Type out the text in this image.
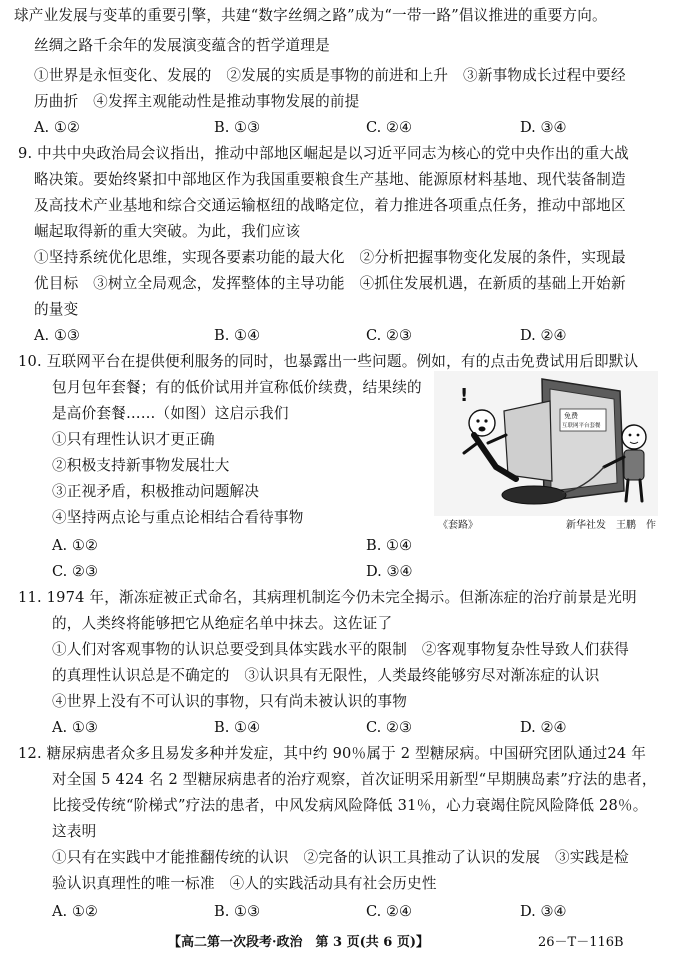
球产业发展与变革的重要引擎，共建“数字丝绸之路”成为“一带一路”倡议推进的重要方向。
丝绸之路千余年的发展演变蕴含的哲学道理是
①世界是永恒变化、发展的　②发展的实质是事物的前进和上升　③新事物成长过程中要经
历曲折　④发挥主观能动性是推动事物发展的前提
A. ①②	B. ①③	C. ②④	D. ③④
9. 中共中央政治局会议指出，推动中部地区崛起是以习近平同志为核心的党中央作出的重大战
略决策。要始终紧扣中部地区作为我国重要粮食生产基地、能源原材料基地、现代装备制造
及高技术产业基地和综合交通运输枢纽的战略定位，着力推进各项重点任务，推动中部地区
崛起取得新的重大突破。为此，我们应该
①坚持系统优化思维，实现各要素功能的最大化　②分析把握事物变化发展的条件，实现最
优目标　③树立全局观念，发挥整体的主导功能　④抓住发展机遇，在新质的基础上开始新
的量变
A. ①③	B. ①④	C. ②③	D. ②④
10. 互联网平台在提供便利服务的同时，也暴露出一些问题。例如，有的点击免费试用后即默认
包月包年套餐；有的低价试用并宣称低价续费，结果续的
是高价套餐……（如图）这启示我们
①只有理性认识才更正确
②积极支持新事物发展壮大
③正视矛盾，积极推动问题解决
④坚持两点论与重点论相结合看待事物
A. ①②	B. ①④
C. ②③	D. ③④
免费
互联网平台套餐
!
《套路》	新华社发　王鹏　作
11. 1974 年，渐冻症被正式命名，其病理机制迄今仍未完全揭示。但渐冻症的治疗前景是光明
的，人类终将能够把它从绝症名单中抹去。这佐证了
①人们对客观事物的认识总要受到具体实践水平的限制　②客观事物复杂性导致人们获得
的真理性认识总是不确定的　③认识具有无限性，人类最终能够穷尽对渐冻症的认识
④世界上没有不可认识的事物，只有尚未被认识的事物
A. ①③	B. ①④	C. ②③	D. ②④
12. 糖尿病患者众多且易发多种并发症，其中约 90％属于 2 型糖尿病。中国研究团队通过24 年
对全国 5 424 名 2 型糖尿病患者的治疗观察，首次证明采用新型“早期胰岛素”疗法的患者，
比接受传统“阶梯式”疗法的患者，中风发病风险降低 31％，心力衰竭住院风险降低 28％。
这表明
①只有在实践中才能推翻传统的认识　②完备的认识工具推动了认识的发展　③实践是检
验认识真理性的唯一标准　④人的实践活动具有社会历史性
A. ①②	B. ①③	C. ②④	D. ③④
【高二第一次段考·政治　第 3 页(共 6 页)】	26－T－116B
